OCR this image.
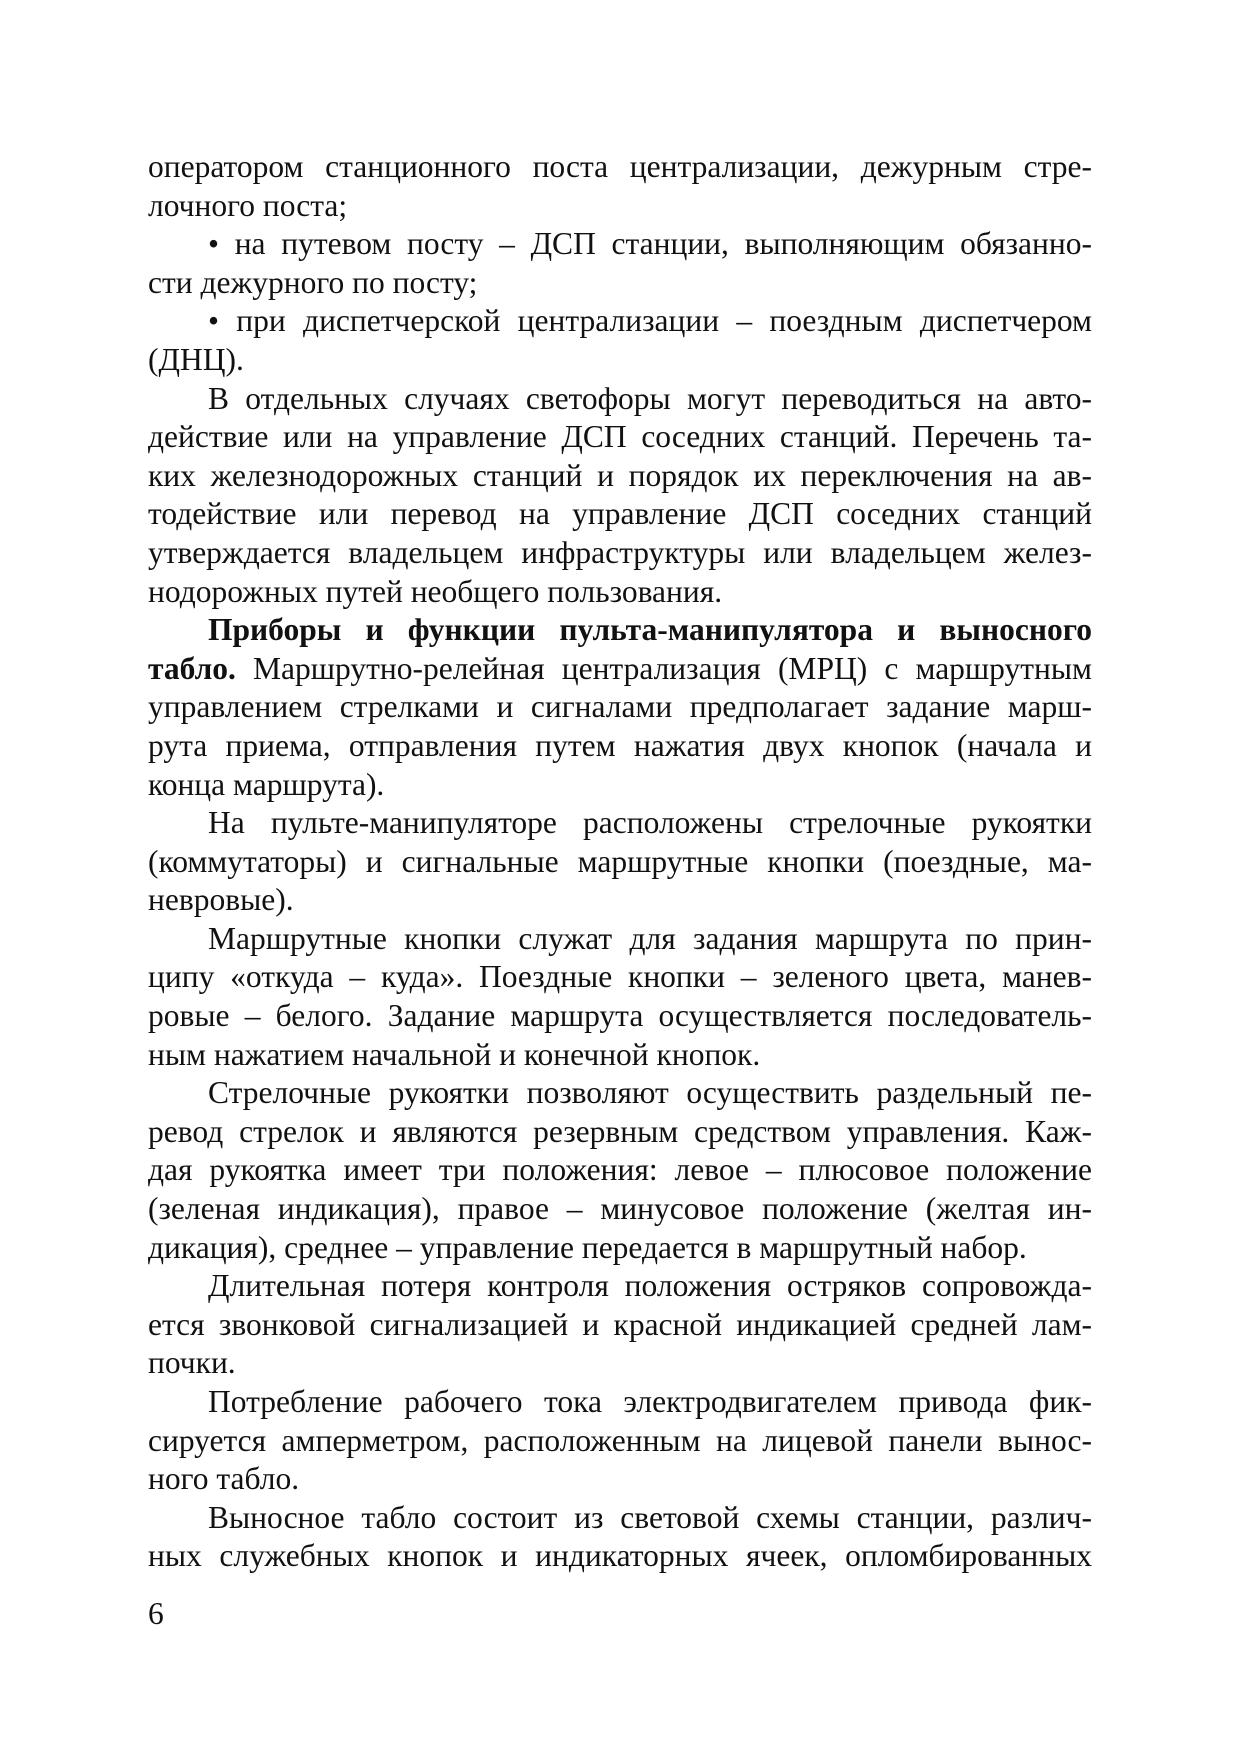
оператором станционного поста централизации, дежурным стре-
лочного поста;
• на путевом посту – ДСП станции, выполняющим обязанно-
сти дежурного по посту;
• при диспетчерской централизации – поездным диспетчером
(ДНЦ).
В отдельных случаях светофоры могут переводиться на авто-
действие или на управление ДСП соседних станций. Перечень та-
ких железнодорожных станций и порядок их переключения на ав-
тодействие или перевод на управление ДСП соседних станций
утверждается владельцем инфраструктуры или владельцем желез-
нодорожных путей необщего пользования.
Приборы и функции пульта-манипулятора и выносного
табло. Маршрутно-релейная централизация (МРЦ) с маршрутным
управлением стрелками и сигналами предполагает задание марш-
рута приема, отправления путем нажатия двух кнопок (начала и
конца маршрута).
На пульте-манипуляторе расположены стрелочные рукоятки
(коммутаторы) и сигнальные маршрутные кнопки (поездные, ма-
невровые).
Маршрутные кнопки служат для задания маршрута по прин-
ципу «откуда – куда». Поездные кнопки – зеленого цвета, манев-
ровые – белого. Задание маршрута осуществляется последователь-
ным нажатием начальной и конечной кнопок.
Стрелочные рукоятки позволяют осуществить раздельный пе-
ревод стрелок и являются резервным средством управления. Каж-
дая рукоятка имеет три положения: левое – плюсовое положение
(зеленая индикация), правое – минусовое положение (желтая ин-
дикация), среднее – управление передается в маршрутный набор.
Длительная потеря контроля положения остряков сопровожда-
ется звонковой сигнализацией и красной индикацией средней лам-
почки.
Потребление рабочего тока электродвигателем привода фик-
сируется амперметром, расположенным на лицевой панели вынос-
ного табло.
Выносное табло состоит из световой схемы станции, различ-
ных служебных кнопок и индикаторных ячеек, опломбированных
6
